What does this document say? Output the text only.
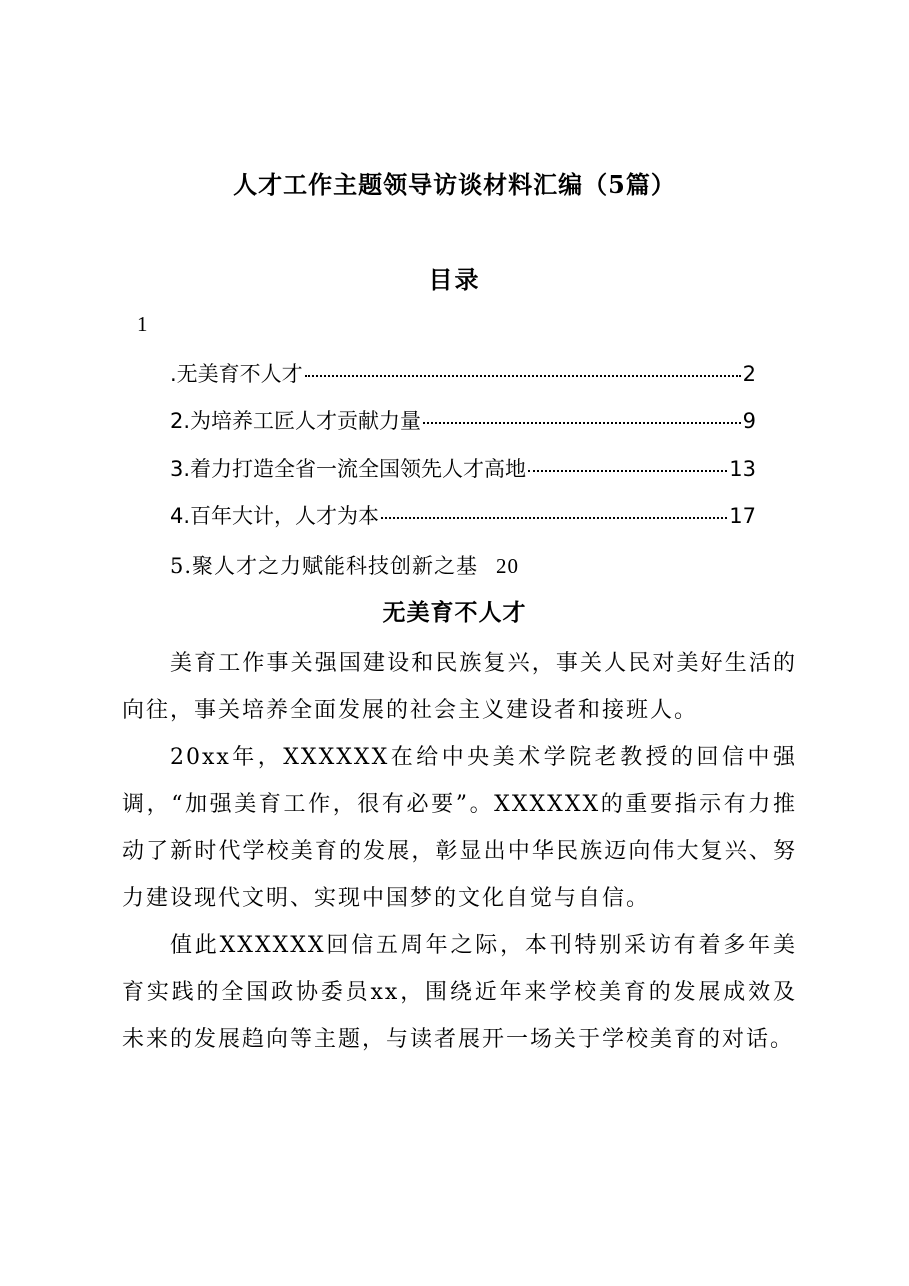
人才工作主题领导访谈材料汇编（5篇）
目录
1
.无美育不人才	2
2.为培养工匠人才贡献力量	9
3.着力打造全省一流全国领先人才高地	13
4.百年大计，人才为本	17
5.聚人才之力赋能科技创新之基 20
无美育不人才

美育工作事关强国建设和民族复兴，事关人民对美好生活的向往，事关培养全面发展的社会主义建设者和接班人。

20xx年，XXXXXX在给中央美术学院老教授的回信中强调，“加强美育工作，很有必要”。XXXXXX的重要指示有力推动了新时代学校美育的发展，彰显出中华民族迈向伟大复兴、努力建设现代文明、实现中国梦的文化自觉与自信。

值此XXXXXX回信五周年之际，本刊特别采访有着多年美育实践的全国政协委员xx，围绕近年来学校美育的发展成效及未来的发展趋向等主题，与读者展开一场关于学校美育的对话。
